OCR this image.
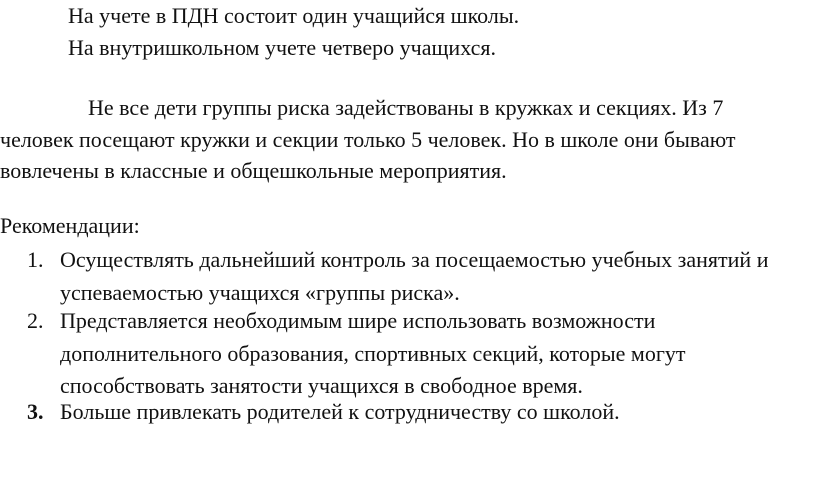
На учете в ПДН состоит один учащийся школы.
На внутришкольном учете четверо учащихся.
Не все дети группы риска задействованы в кружках и секциях. Из 7
человек посещают кружки и секции только 5 человек. Но в школе они бывают
вовлечены в классные и общешкольные мероприятия.
Рекомендации:
1. Осуществлять дальнейший контроль за посещаемостью учебных занятий и
успеваемостью учащихся «группы риска».
2. Представляется необходимым шире использовать возможности
дополнительного образования, спортивных секций, которые могут
способствовать занятости учащихся в свободное время.
3. Больше привлекать родителей к сотрудничеству со школой.
